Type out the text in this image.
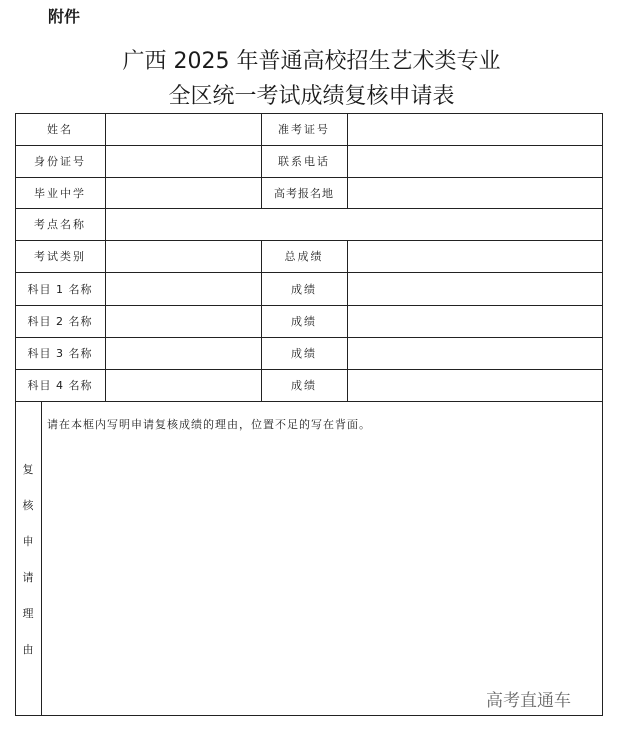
附件
广西 2025 年普通高校招生艺术类专业
全区统一考试成绩复核申请表
姓名	准考证号
身份证号	联系电话
毕业中学	高考报名地
考点名称
考试类别	总成绩
科目 1 名称	成绩
科目 2 名称	成绩
科目 3 名称	成绩
科目 4 名称	成绩
复
核
申
请
理
由
请在本框内写明申请复核成绩的理由，位置不足的写在背面。
高考直通车
